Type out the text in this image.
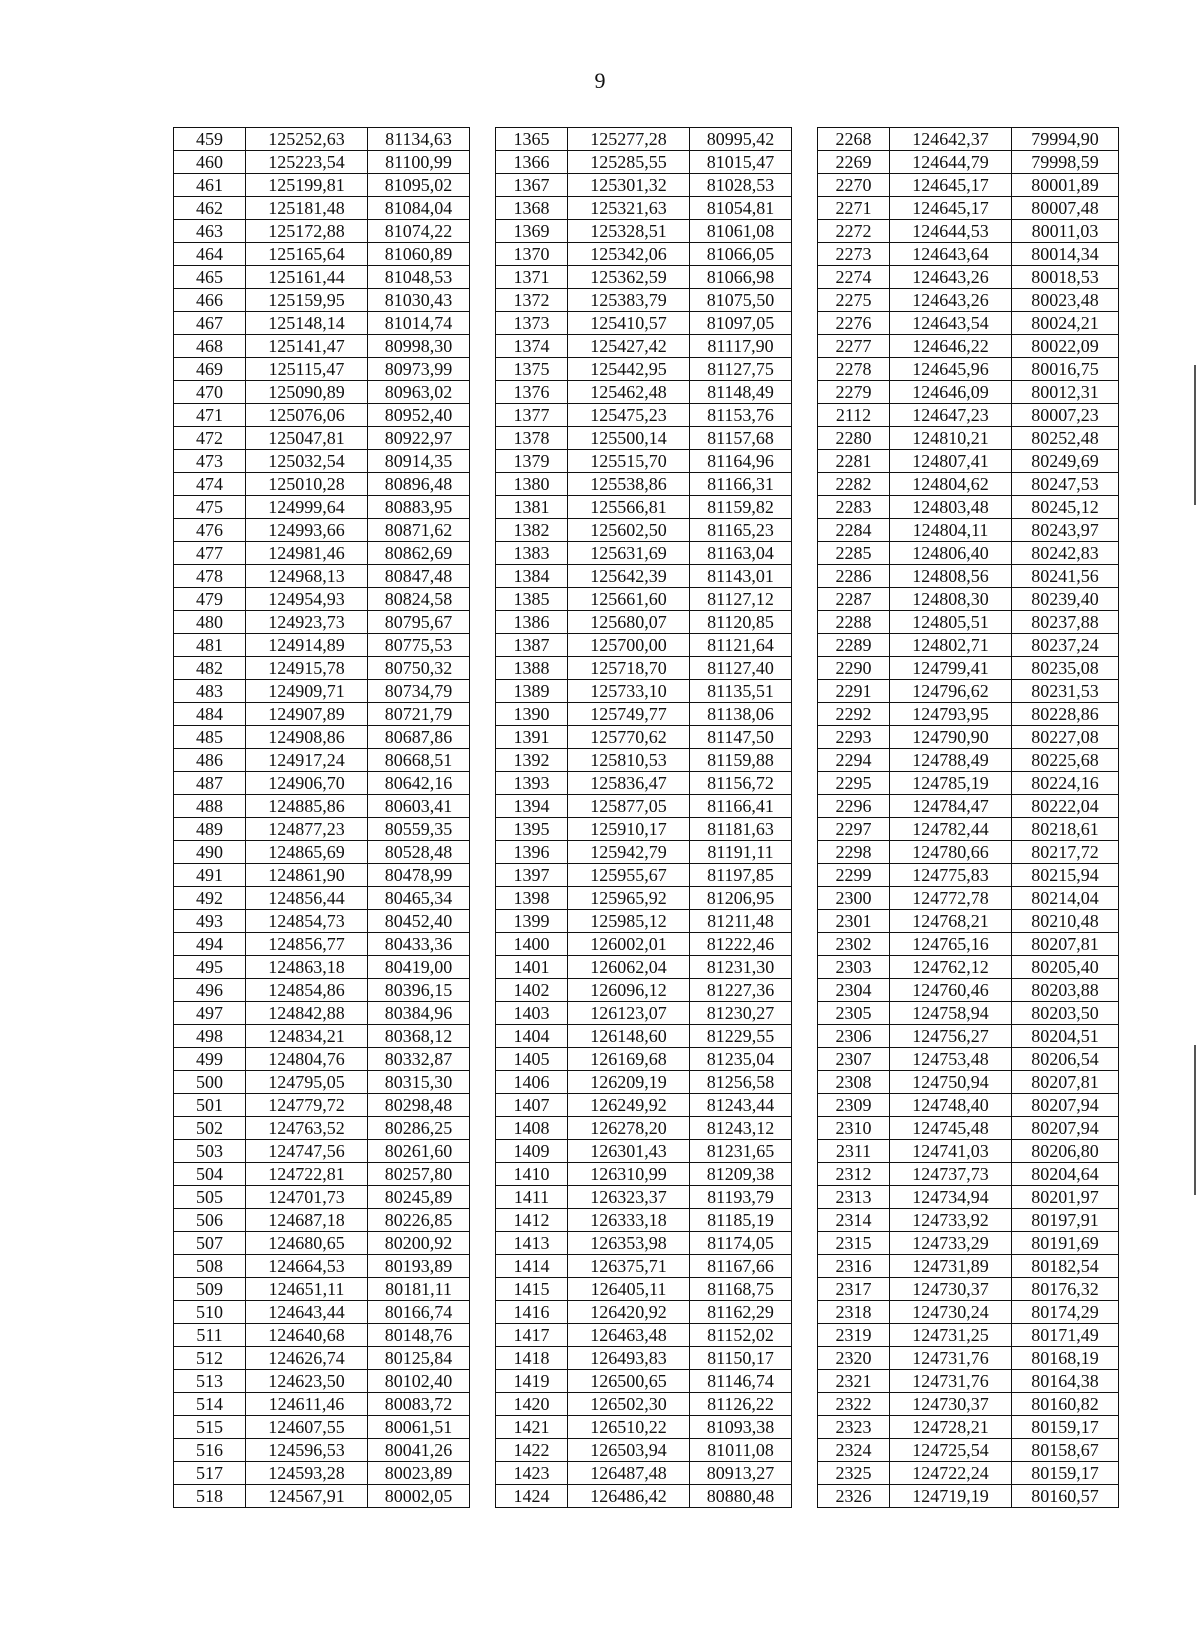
9
459	125252,63	81134,63		1365	125277,28	80995,42		2268	124642,37	79994,90
460	125223,54	81100,99		1366	125285,55	81015,47		2269	124644,79	79998,59
461	125199,81	81095,02		1367	125301,32	81028,53		2270	124645,17	80001,89
462	125181,48	81084,04		1368	125321,63	81054,81		2271	124645,17	80007,48
463	125172,88	81074,22		1369	125328,51	81061,08		2272	124644,53	80011,03
464	125165,64	81060,89		1370	125342,06	81066,05		2273	124643,64	80014,34
465	125161,44	81048,53		1371	125362,59	81066,98		2274	124643,26	80018,53
466	125159,95	81030,43		1372	125383,79	81075,50		2275	124643,26	80023,48
467	125148,14	81014,74		1373	125410,57	81097,05		2276	124643,54	80024,21
468	125141,47	80998,30		1374	125427,42	81117,90		2277	124646,22	80022,09
469	125115,47	80973,99		1375	125442,95	81127,75		2278	124645,96	80016,75
470	125090,89	80963,02		1376	125462,48	81148,49		2279	124646,09	80012,31
471	125076,06	80952,40		1377	125475,23	81153,76		2112	124647,23	80007,23
472	125047,81	80922,97		1378	125500,14	81157,68		2280	124810,21	80252,48
473	125032,54	80914,35		1379	125515,70	81164,96		2281	124807,41	80249,69
474	125010,28	80896,48		1380	125538,86	81166,31		2282	124804,62	80247,53
475	124999,64	80883,95		1381	125566,81	81159,82		2283	124803,48	80245,12
476	124993,66	80871,62		1382	125602,50	81165,23		2284	124804,11	80243,97
477	124981,46	80862,69		1383	125631,69	81163,04		2285	124806,40	80242,83
478	124968,13	80847,48		1384	125642,39	81143,01		2286	124808,56	80241,56
479	124954,93	80824,58		1385	125661,60	81127,12		2287	124808,30	80239,40
480	124923,73	80795,67		1386	125680,07	81120,85		2288	124805,51	80237,88
481	124914,89	80775,53		1387	125700,00	81121,64		2289	124802,71	80237,24
482	124915,78	80750,32		1388	125718,70	81127,40		2290	124799,41	80235,08
483	124909,71	80734,79		1389	125733,10	81135,51		2291	124796,62	80231,53
484	124907,89	80721,79		1390	125749,77	81138,06		2292	124793,95	80228,86
485	124908,86	80687,86		1391	125770,62	81147,50		2293	124790,90	80227,08
486	124917,24	80668,51		1392	125810,53	81159,88		2294	124788,49	80225,68
487	124906,70	80642,16		1393	125836,47	81156,72		2295	124785,19	80224,16
488	124885,86	80603,41		1394	125877,05	81166,41		2296	124784,47	80222,04
489	124877,23	80559,35		1395	125910,17	81181,63		2297	124782,44	80218,61
490	124865,69	80528,48		1396	125942,79	81191,11		2298	124780,66	80217,72
491	124861,90	80478,99		1397	125955,67	81197,85		2299	124775,83	80215,94
492	124856,44	80465,34		1398	125965,92	81206,95		2300	124772,78	80214,04
493	124854,73	80452,40		1399	125985,12	81211,48		2301	124768,21	80210,48
494	124856,77	80433,36		1400	126002,01	81222,46		2302	124765,16	80207,81
495	124863,18	80419,00		1401	126062,04	81231,30		2303	124762,12	80205,40
496	124854,86	80396,15		1402	126096,12	81227,36		2304	124760,46	80203,88
497	124842,88	80384,96		1403	126123,07	81230,27		2305	124758,94	80203,50
498	124834,21	80368,12		1404	126148,60	81229,55		2306	124756,27	80204,51
499	124804,76	80332,87		1405	126169,68	81235,04		2307	124753,48	80206,54
500	124795,05	80315,30		1406	126209,19	81256,58		2308	124750,94	80207,81
501	124779,72	80298,48		1407	126249,92	81243,44		2309	124748,40	80207,94
502	124763,52	80286,25		1408	126278,20	81243,12		2310	124745,48	80207,94
503	124747,56	80261,60		1409	126301,43	81231,65		2311	124741,03	80206,80
504	124722,81	80257,80		1410	126310,99	81209,38		2312	124737,73	80204,64
505	124701,73	80245,89		1411	126323,37	81193,79		2313	124734,94	80201,97
506	124687,18	80226,85		1412	126333,18	81185,19		2314	124733,92	80197,91
507	124680,65	80200,92		1413	126353,98	81174,05		2315	124733,29	80191,69
508	124664,53	80193,89		1414	126375,71	81167,66		2316	124731,89	80182,54
509	124651,11	80181,11		1415	126405,11	81168,75		2317	124730,37	80176,32
510	124643,44	80166,74		1416	126420,92	81162,29		2318	124730,24	80174,29
511	124640,68	80148,76		1417	126463,48	81152,02		2319	124731,25	80171,49
512	124626,74	80125,84		1418	126493,83	81150,17		2320	124731,76	80168,19
513	124623,50	80102,40		1419	126500,65	81146,74		2321	124731,76	80164,38
514	124611,46	80083,72		1420	126502,30	81126,22		2322	124730,37	80160,82
515	124607,55	80061,51		1421	126510,22	81093,38		2323	124728,21	80159,17
516	124596,53	80041,26		1422	126503,94	81011,08		2324	124725,54	80158,67
517	124593,28	80023,89		1423	126487,48	80913,27		2325	124722,24	80159,17
518	124567,91	80002,05		1424	126486,42	80880,48		2326	124719,19	80160,57
